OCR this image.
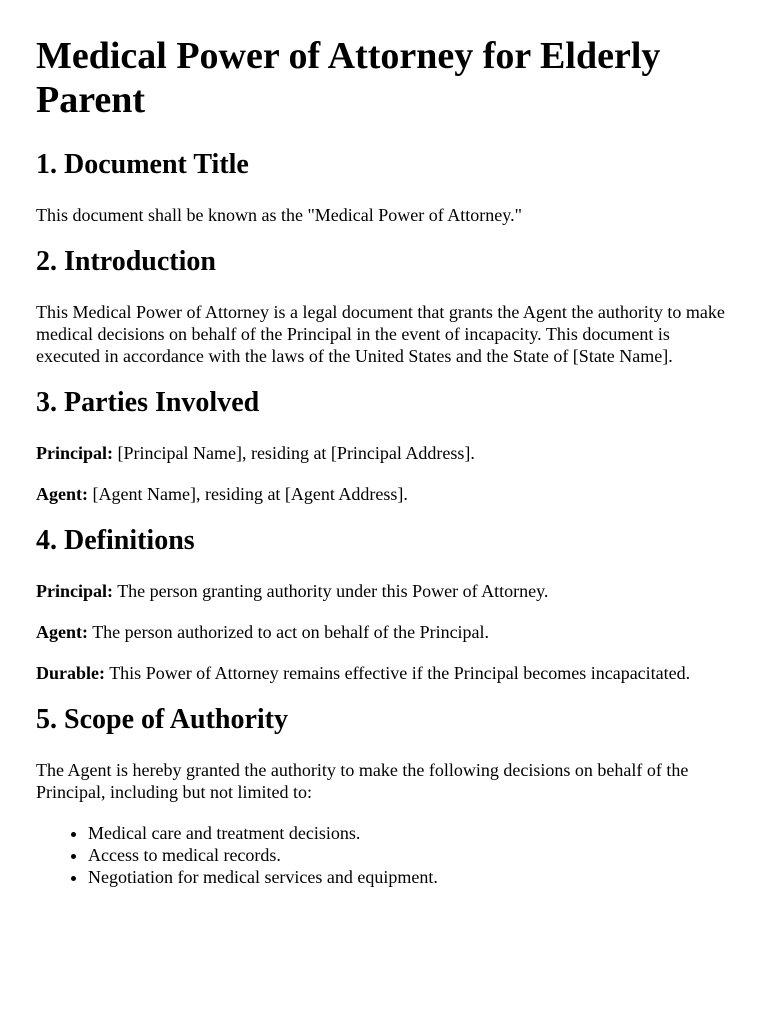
Medical Power of Attorney for Elderly Parent
1. Document Title

This document shall be known as the "Medical Power of Attorney."

2. Introduction

This Medical Power of Attorney is a legal document that grants the Agent the authority to make medical decisions on behalf of the Principal in the event of incapacity. This document is executed in accordance with the laws of the United States and the State of [State Name].

3. Parties Involved

Principal: [Principal Name], residing at [Principal Address].

Agent: [Agent Name], residing at [Agent Address].

4. Definitions

Principal: The person granting authority under this Power of Attorney.

Agent: The person authorized to act on behalf of the Principal.

Durable: This Power of Attorney remains effective if the Principal becomes incapacitated.

5. Scope of Authority

The Agent is hereby granted the authority to make the following decisions on behalf of the Principal, including but not limited to:

• Medical care and treatment decisions.
• Access to medical records.
• Negotiation for medical services and equipment.
